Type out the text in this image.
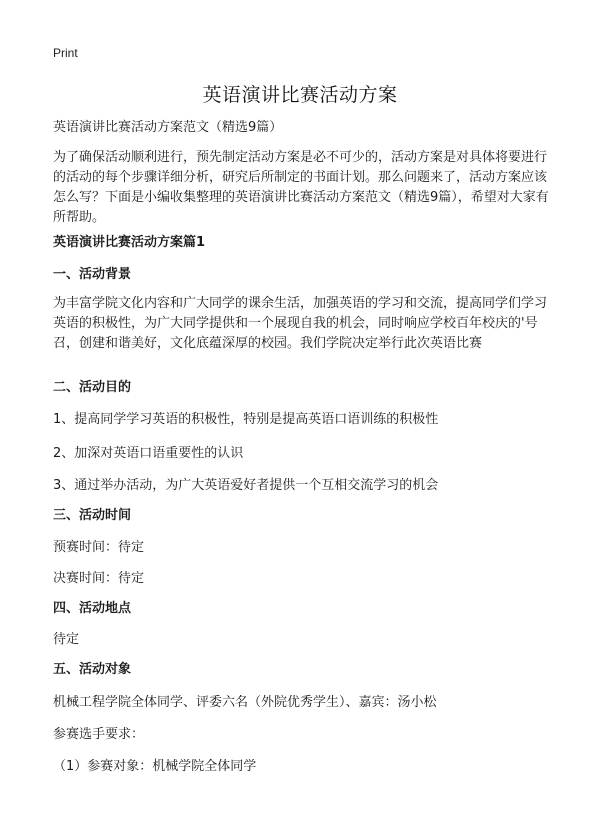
Print
英语演讲比赛活动方案
英语演讲比赛活动方案范文（精选9篇）
为了确保活动顺利进行，预先制定活动方案是必不可少的，活动方案是对具体将要进行的活动的每个步骤详细分析，研究后所制定的书面计划。那么问题来了，活动方案应该怎么写？下面是小编收集整理的英语演讲比赛活动方案范文（精选9篇），希望对大家有所帮助。
英语演讲比赛活动方案篇1
一、活动背景
为丰富学院文化内容和广大同学的课余生活，加强英语的学习和交流，提高同学们学习英语的积极性，为广大同学提供和一个展现自我的机会，同时响应学校百年校庆的'号召，创建和谐美好，文化底蕴深厚的校园。我们学院决定举行此次英语比赛
二、活动目的
1、提高同学学习英语的积极性，特别是提高英语口语训练的积极性
2、加深对英语口语重要性的认识
3、通过举办活动，为广大英语爱好者提供一个互相交流学习的机会
三、活动时间
预赛时间：待定
决赛时间：待定
四、活动地点
待定
五、活动对象
机械工程学院全体同学、评委六名（外院优秀学生）、嘉宾：汤小松
参赛选手要求：
（1）参赛对象：机械学院全体同学
